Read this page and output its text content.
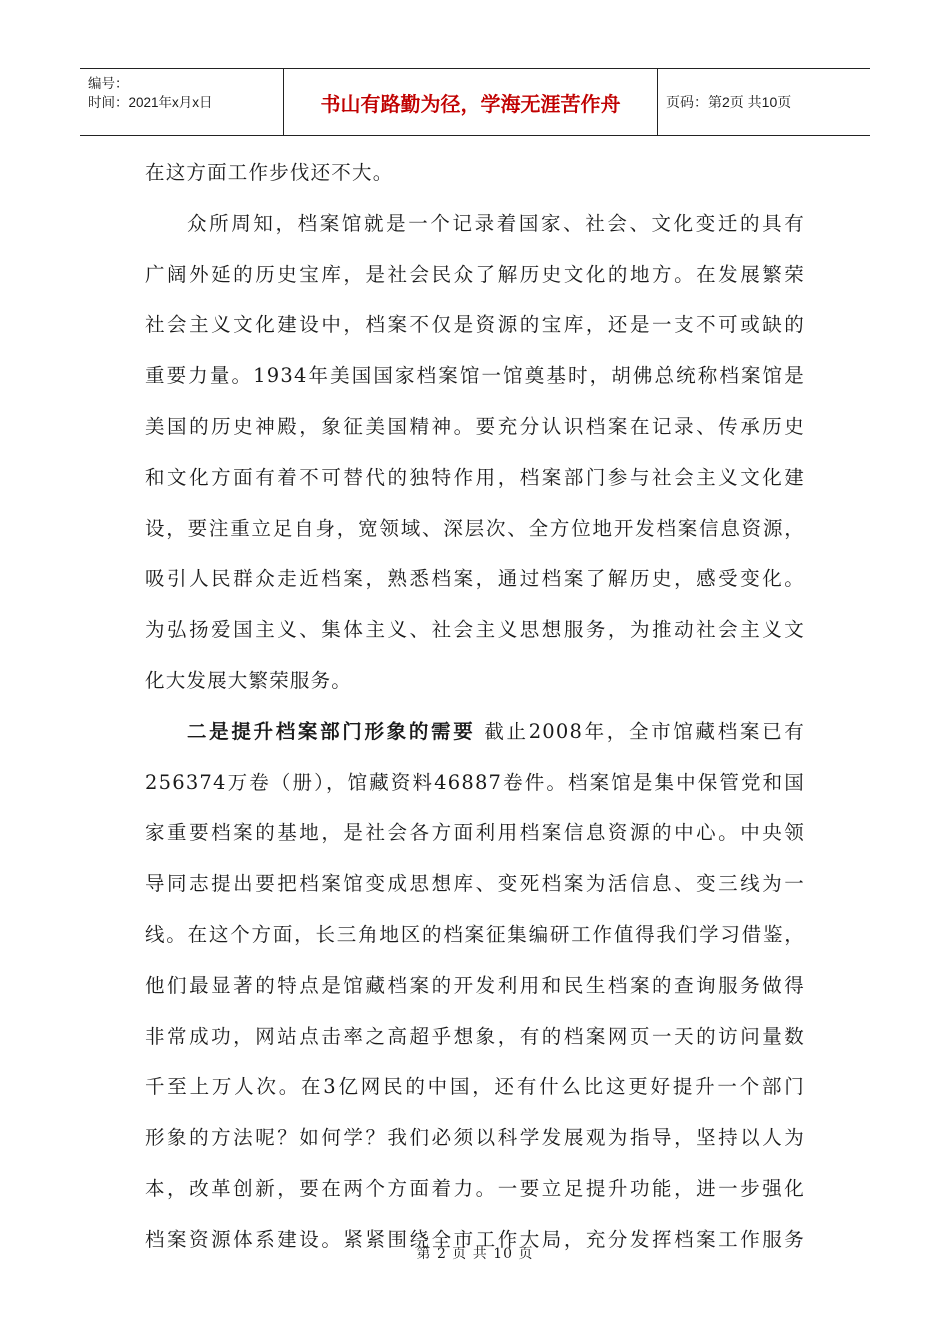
编号：
时间：2021年x月x日	书山有路勤为径，学海无涯苦作舟	页码：第2页 共10页

在这方面工作步伐还不大。

众所周知，档案馆就是一个记录着国家、社会、文化变迁的具有
广阔外延的历史宝库，是社会民众了解历史文化的地方。在发展繁荣
社会主义文化建设中，档案不仅是资源的宝库，还是一支不可或缺的
重要力量。1934年美国国家档案馆一馆奠基时，胡佛总统称档案馆是
美国的历史神殿，象征美国精神。要充分认识档案在记录、传承历史
和文化方面有着不可替代的独特作用，档案部门参与社会主义文化建
设，要注重立足自身，宽领域、深层次、全方位地开发档案信息资源，
吸引人民群众走近档案，熟悉档案，通过档案了解历史，感受变化。
为弘扬爱国主义、集体主义、社会主义思想服务，为推动社会主义文
化大发展大繁荣服务。

二是提升档案部门形象的需要 截止2008年，全市馆藏档案已有
256374万卷（册），馆藏资料46887卷件。档案馆是集中保管党和国
家重要档案的基地，是社会各方面利用档案信息资源的中心。中央领
导同志提出要把档案馆变成思想库、变死档案为活信息、变三线为一
线。在这个方面，长三角地区的档案征集编研工作值得我们学习借鉴，
他们最显著的特点是馆藏档案的开发利用和民生档案的查询服务做得
非常成功，网站点击率之高超乎想象，有的档案网页一天的访问量数
千至上万人次。在3亿网民的中国，还有什么比这更好提升一个部门
形象的方法呢？如何学？我们必须以科学发展观为指导，坚持以人为
本，改革创新，要在两个方面着力。一要立足提升功能，进一步强化
档案资源体系建设。紧紧围绕全市工作大局，充分发挥档案工作服务

第 2 页 共 10 页
